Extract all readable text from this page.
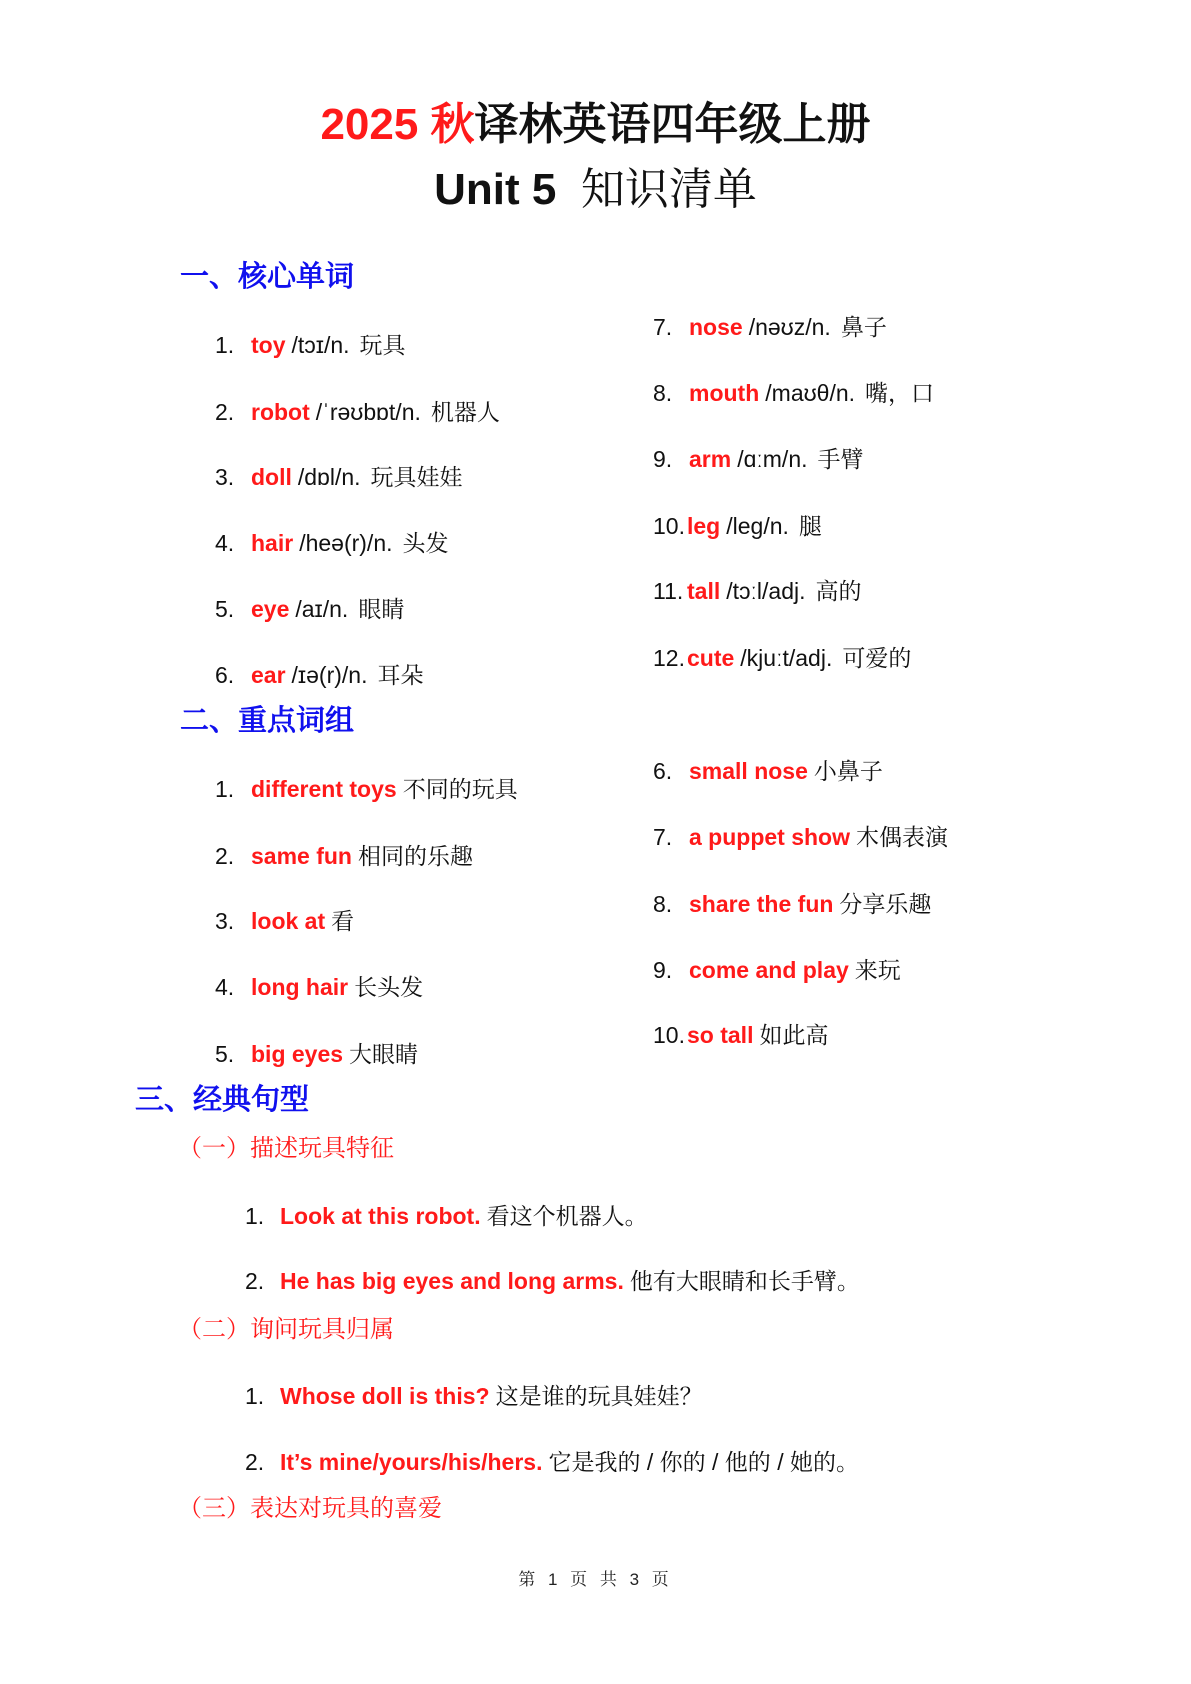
2025 秋译林英语四年级上册
Unit 5 知识清单
一、核心单词
1. toy /tɔɪ/n. 玩具
2. robot /ˈrəʊbɒt/n. 机器人
3. doll /dɒl/n. 玩具娃娃
4. hair /heə(r)/n. 头发
5. eye /aɪ/n. 眼睛
6. ear /ɪə(r)/n. 耳朵
7. nose /nəʊz/n. 鼻子
8. mouth /maʊθ/n. 嘴，口
9. arm /ɑːm/n. 手臂
10.leg /leg/n. 腿
11. tall /tɔːl/adj. 高的
12.cute /kjuːt/adj. 可爱的
二、重点词组
1. different toys 不同的玩具
2. same fun 相同的乐趣
3. look at 看
4. long hair 长头发
5. big eyes 大眼睛
6. small nose 小鼻子
7. a puppet show 木偶表演
8. share the fun 分享乐趣
9. come and play 来玩
10.so tall 如此高
三、经典句型
（一）描述玩具特征
1. Look at this robot. 看这个机器人。
2. He has big eyes and long arms. 他有大眼睛和长手臂。
（二）询问玩具归属
1. Whose doll is this? 这是谁的玩具娃娃？
2. It’s mine/yours/his/hers. 它是我的 / 你的 / 他的 / 她的。
（三）表达对玩具的喜爱
第 1 页 共 3 页
